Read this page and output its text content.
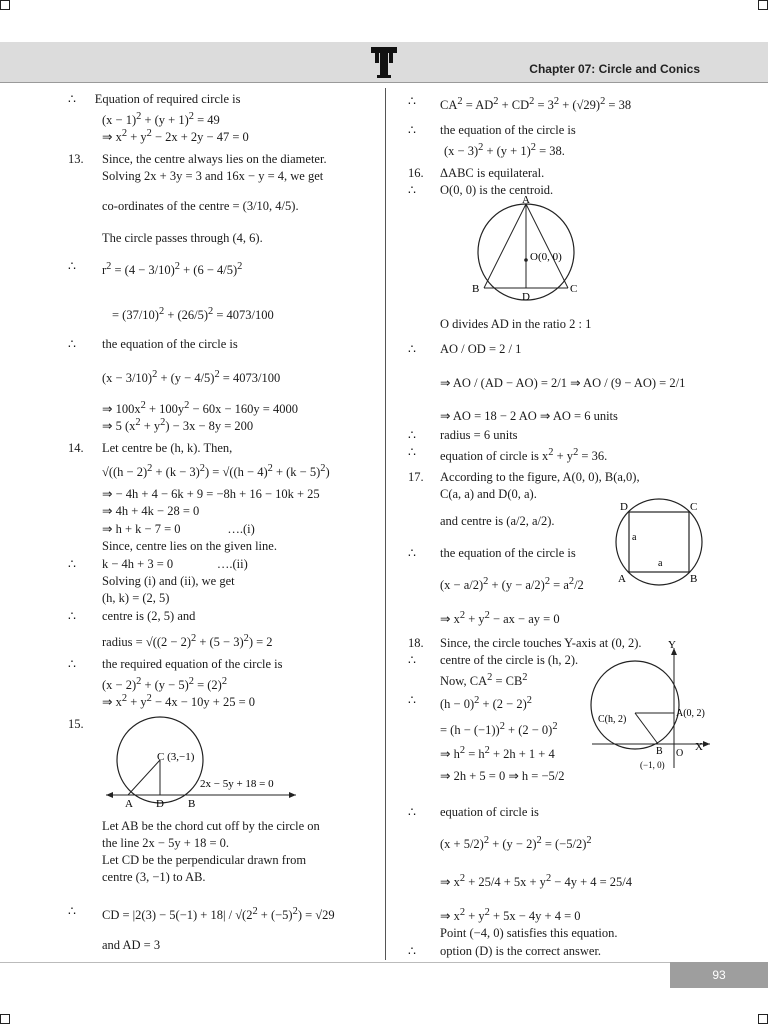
Chapter 07: Circle and Conics
∴      Equation of required circle is
$(x - 1)^2 + (y + 1)^2 = 49$
⇒ $x^2 + y^2 - 2x + 2y - 47 = 0$
13. Since, the centre always lies on the diameter.
Solving 2x + 3y = 3 and 16x − y = 4, we get
co-ordinates of the centre = (3/10, 4/5).
The circle passes through (4, 6).
∴ $r^2 = (4 - 3/10)^2 + (6 - 4/5)^2$
= $(37/10)^2 + (26/5)^2 = 4073/100$
∴ the equation of the circle is
$(x - 3/10)^2 + (y - 4/5)^2 = 4073/100$
⇒ $100x^2 + 100y^2 - 60x - 160y = 4000$
⇒ 5 $(x^2 + y^2) - 3x - 8y = 200$
14. Let centre be (h, k). Then,
$√((h - 2)^2 + (k - 3)^2) = √((h - 4)^2 + (k - 5)^2)$
⇒ − 4h + 4 − 6k + 9 = −8h + 16 − 10k + 25
⇒ 4h + 4k − 28 = 0
⇒ h + k − 7 = 0               ….(i)
Since, centre lies on the given line.
∴ k − 4h + 3 = 0              ….(ii)
Solving (i) and (ii), we get
(h, k) = (2, 5)
∴ centre is (2, 5) and
radius = $√((2 - 2)^2 + (5 - 3)^2) = 2$
∴ the required equation of the circle is
$(x - 2)^2 + (y - 5)^2 = (2)^2$
⇒ $x^2 + y^2 - 4x - 10y + 25 = 0$
15.
Let AB be the chord cut off by the circle on
the line 2x − 5y + 18 = 0.
Let CD be the perpendicular drawn from
centre (3, −1) to AB.
∴ CD = $|2(3) - 5(-1) + 18| / √(2^2 + (-5)^2) = √29$
and AD = 3
C (3,−1)
A D B
2x − 5y + 18 = 0
∴ $CA^2 = AD^2 + CD^2 = 3^2 + (√29)^2 = 38$
∴ the equation of the circle is
$(x - 3)^2 + (y + 1)^2 = 38$.
16. ΔABC is equilateral.
∴ O(0, 0) is the centroid.
O divides AD in the ratio 2 : 1
∴ AO / OD = 2 / 1
⇒ AO / (AD − AO) = 2/1 ⇒ AO / (9 − AO) = 2/1
⇒ AO = 18 − 2 AO ⇒ AO = 6 units
∴ radius = 6 units
∴ equation of circle is $x^2 + y^2 = 36$.
17. According to the figure, A(0, 0), B(a,0),
C(a, a) and D(0, a).
and centre is (a/2, a/2).
∴ the equation of the circle is
$(x - a/2)^2 + (y - a/2)^2 = a^2/2$
⇒ $x^2 + y^2$ − ax − ay = 0
18. Since, the circle touches Y-axis at (0, 2).
∴ centre of the circle is (h, 2).
Now, $CA^2 = CB^2$
∴ $(h - 0)^2 + (2 - 2)^2$
= $(h - (-1))^2 + (2 - 0)^2$
⇒ $h^2 = h^2 + 2h + 1 + 4$
⇒ 2h + 5 = 0 ⇒ h = −5/2
∴ equation of circle is
$(x + 5/2)^2 + (y - 2)^2 = (-5/2)^2$
⇒ $x^2 + 25/4 + 5x + y^2 - 4y + 4 = 25/4$
⇒ $x^2 + y^2 + 5x - 4y + 4 = 0$
Point (−4, 0) satisfies this equation.
∴ option (D) is the correct answer.
A
O(0, 0)
B	C
D
D	C
A	B
a
a
Y
X
C(h, 2)
A(0, 2)
B O
(−1, 0)
93
